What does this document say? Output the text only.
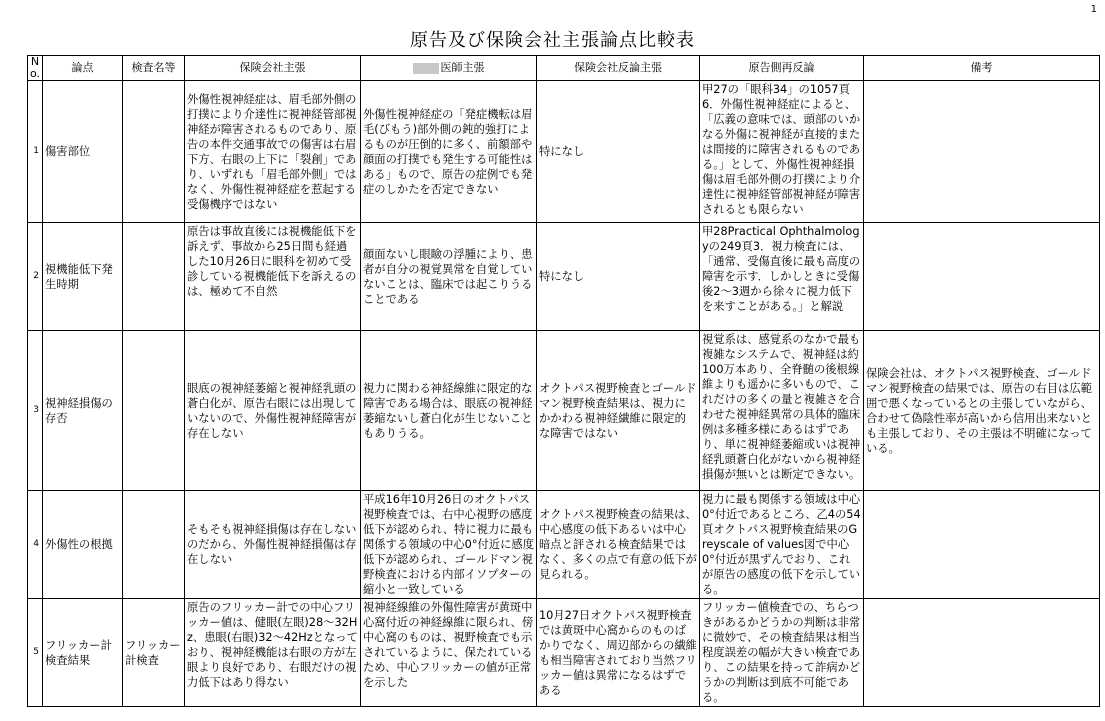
1
原告及び保険会社主張論点比較表
No.	論点	検査名等	保険会社主張	医師主張	保険会社反論主張	原告側再反論	備考
1	傷害部位		外傷性視神経症は、眉毛部外側の打撲により介達性に視神経管部視神経が障害されるものであり、原告の本件交通事故での傷害は右眉下方、右眼の上下に「裂創」であり、いずれも「眉毛部外側」ではなく、外傷性視神経症を惹起する受傷機序ではない	外傷性視神経症の「発症機転は眉毛(びもう)部外側の鈍的強打によるものが圧倒的に多く、前額部や顔面の打撲でも発生する可能性はある」もので、原告の症例でも発症のしかたを否定できない	特になし	甲27の「眼科34」の1057頁6．外傷性視神経症によると、「広義の意味では、頭部のいかなる外傷に視神経が直接的または間接的に障害されるものである。」として、外傷性視神経損傷は眉毛部外側の打撲により介達性に視神経管部視神経が障害されるとも限らない	
2	視機能低下発生時期		原告は事故直後には視機能低下を訴えず、事故から25日間も経過した10月26日に眼科を初めて受診している視機能低下を訴えるのは、極めて不自然	顔面ないし眼瞼の浮腫により、患者が自分の視覚異常を自覚していないことは、臨床では起こりうることである	特になし	甲28Practical Ophthalmologyの249頁3．視力検査には、「通常、受傷直後に最も高度の障害を示す．しかしときに受傷後2～3週から徐々に視力低下を来すことがある。」と解説	
3	視神経損傷の存否		眼底の視神経萎縮と視神経乳頭の蒼白化が、原告右眼には出現していないので、外傷性視神経障害が存在しない	視力に関わる神経線維に限定的な障害である場合は、眼底の視神経萎縮ないし蒼白化が生じないこともありうる。	オクトパス視野検査とゴールドマン視野検査結果は、視力にかかわる視神経繊維に限定的な障害ではない	視覚系は、感覚系のなかで最も複雑なシステムで、視神経は約100万本あり、全脊髄の後根線維よりも遥かに多いもので、これだけの多くの量と複雑さを合わせた視神経異常の具体的臨床例は多種多様にあるはずであり、単に視神経萎縮或いは視神経乳頭蒼白化がないから視神経損傷が無いとは断定できない。	保険会社は、オクトパス視野検査、ゴールドマン視野検査の結果では、原告の右目は広範囲で悪くなっているとの主張していながら、合わせて偽陰性率が高いから信用出来ないとも主張しており、その主張は不明確になっている。
4	外傷性の根拠		そもそも視神経損傷は存在しないのだから、外傷性視神経損傷は存在しない	平成16年10月26日のオクトパス視野検査では、右中心視野の感度低下が認められ、特に視力に最も関係する領域の中心0°付近に感度低下が認められ、ゴールドマン視野検査における内部イソプターの縮小と一致している	オクトパス視野検査の結果は、中心感度の低下あるいは中心暗点と評される検査結果ではなく、多くの点で有意の低下が見られる。	視力に最も関係する領域は中心0°付近であるところ、乙4の54頁オクトパス視野検査結果のGreyscale of values図で中心0°付近が黒ずんでおり、これが原告の感度の低下を示している。	
5	フリッカー計検査結果	フリッカー計検査	原告のフリッカー計での中心フリッカー値は、健眼(左眼)28～32Hz、患眼(右眼)32～42Hzとなっており、視神経機能は右眼の方が左眼より良好であり、右眼だけの視力低下はあり得ない	視神経線維の外傷性障害が黄斑中心窩付近の神経線維に限られ、傍中心窩のものは、視野検査でも示されているように、保たれているため、中心フリッカーの値が正常を示した	10月27日オクトパス視野検査では黄斑中心窩からのものばかりでなく、周辺部からの繊維も相当障害されており当然フリッカー値は異常になるはずである	フリッカー値検査での、ちらつきがあるかどうかの判断は非常に微妙で、その検査結果は相当程度誤差の幅が大きい検査であり、この結果を持って詐病かどうかの判断は到底不可能である。	
